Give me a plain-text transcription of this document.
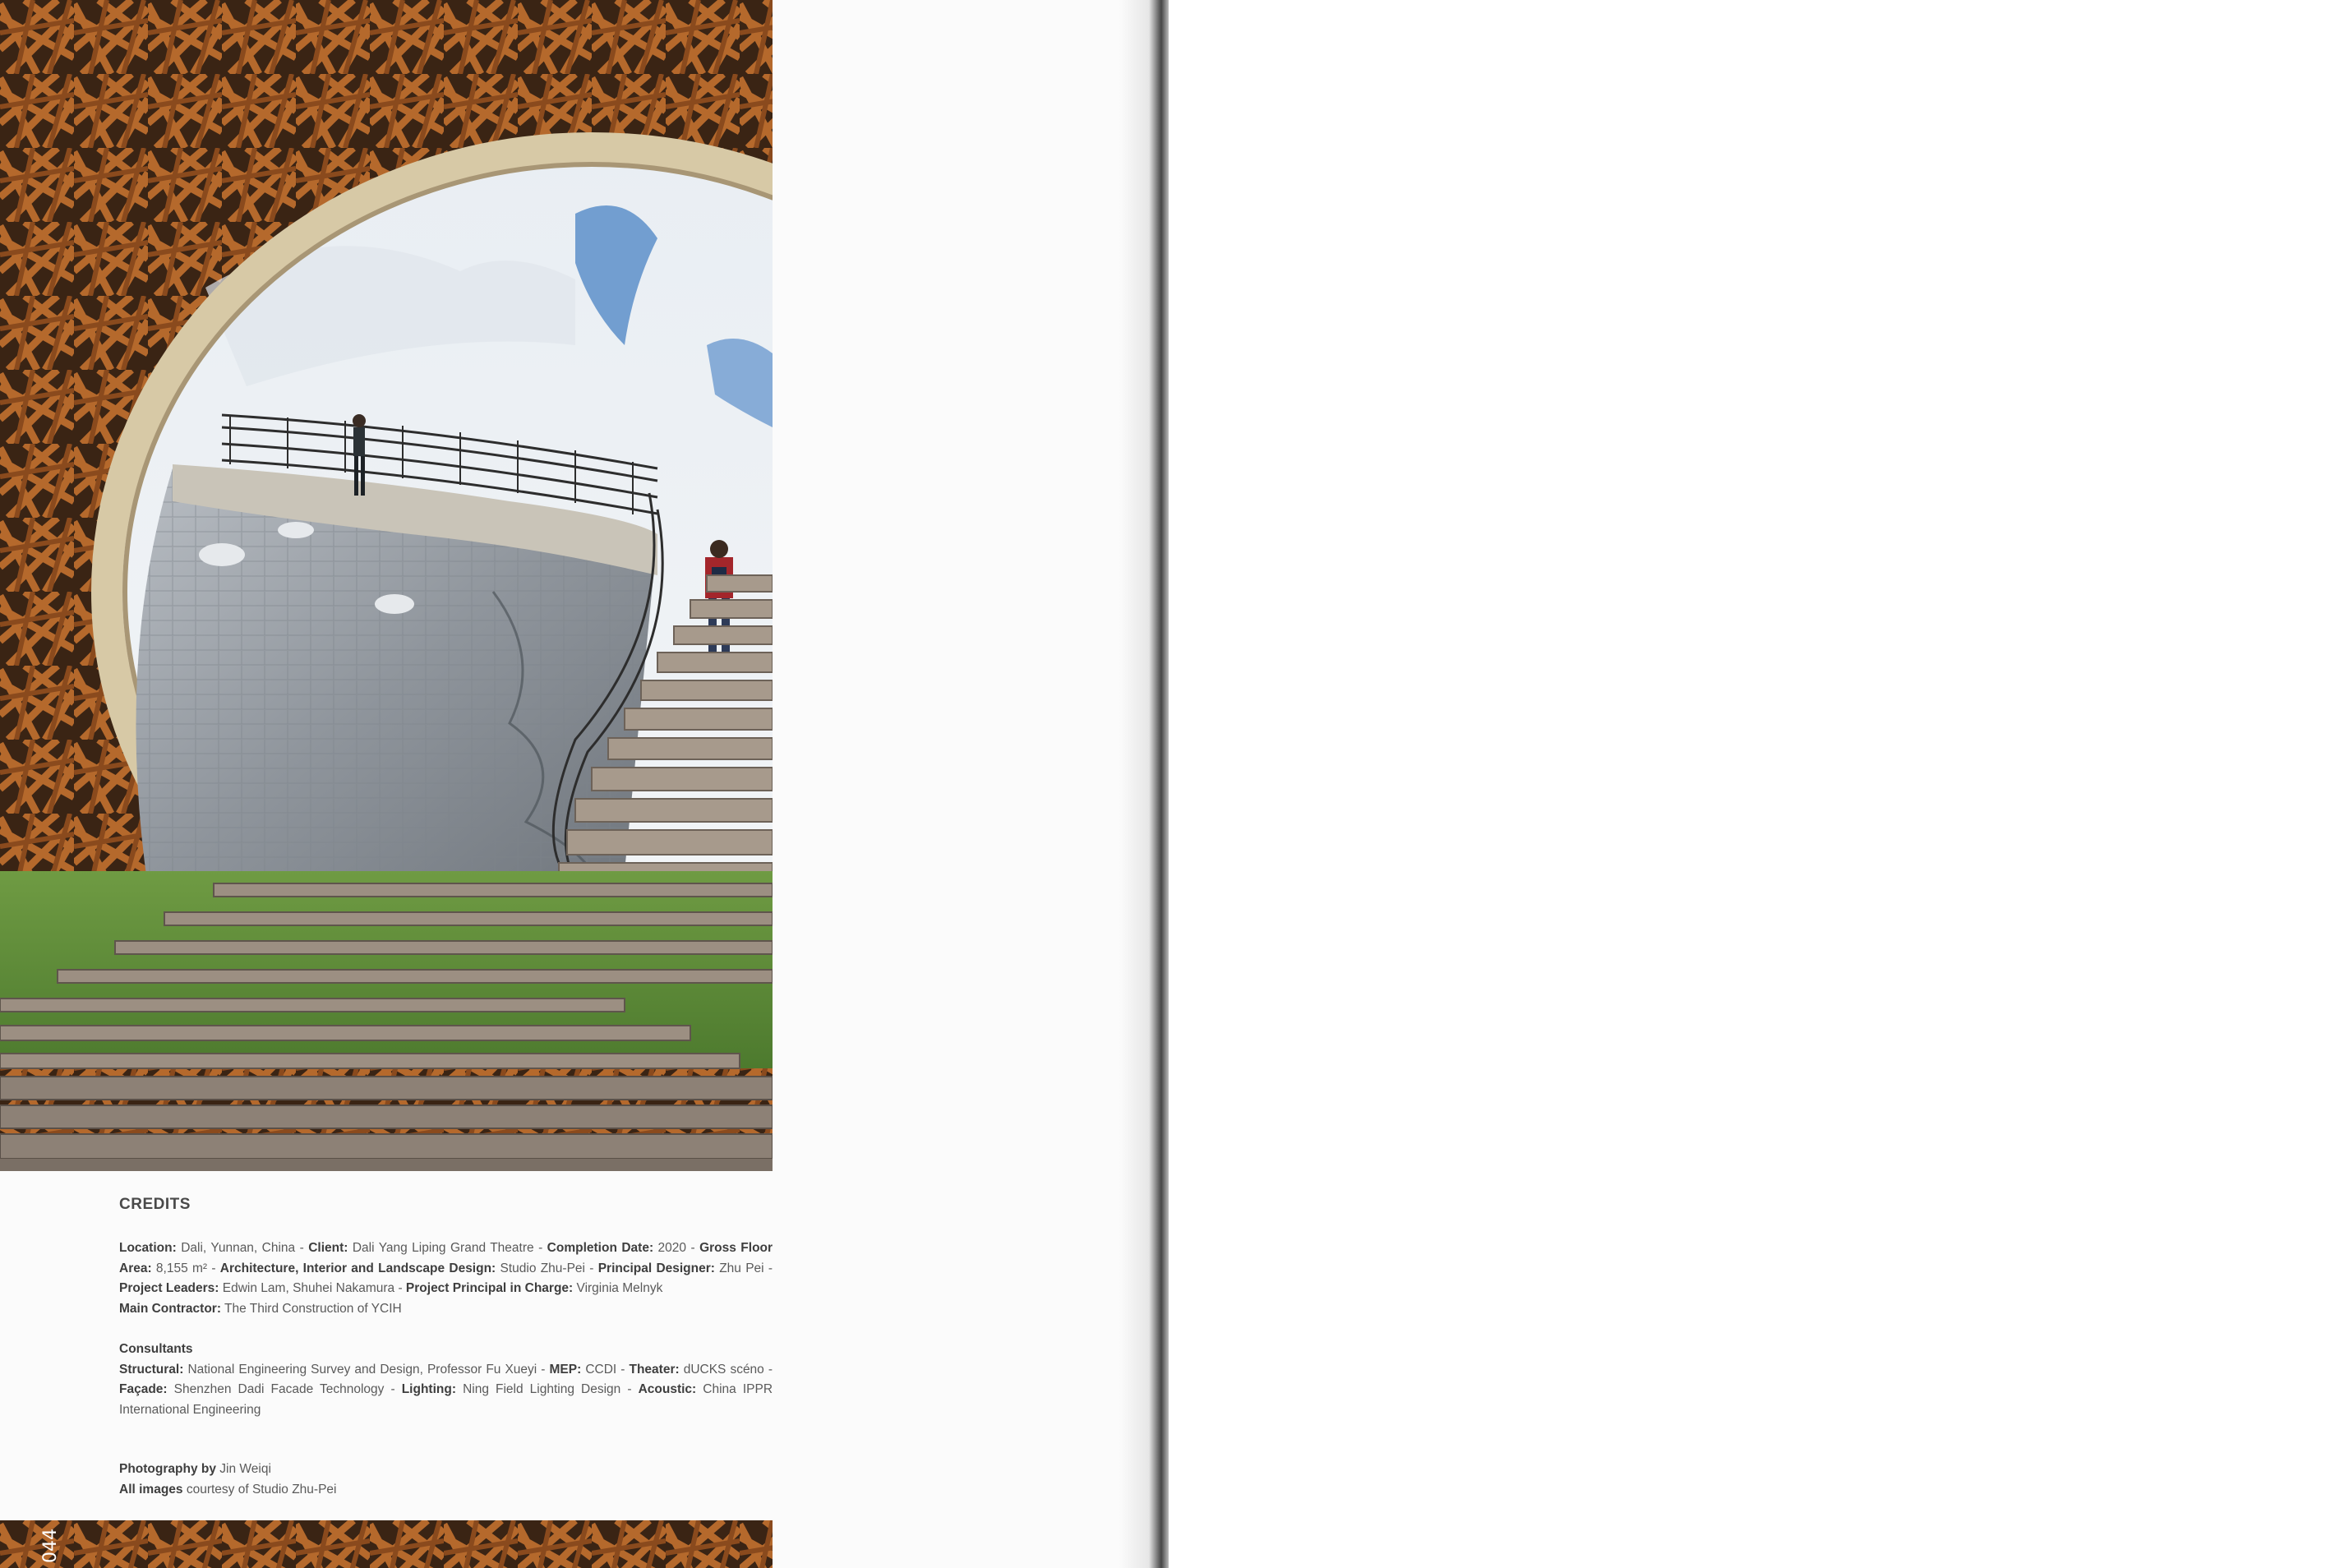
CREDITS

Location: Dali, Yunnan, China - Client: Dali Yang Liping Grand Theatre - Completion Date: 2020 - Gross Floor Area: 8,155 m² - Architecture, Interior and Landscape Design: Studio Zhu-Pei - Principal Designer: Zhu Pei - Project Leaders: Edwin Lam, Shuhei Nakamura - Project Principal in Charge: Virginia Melnyk
Main Contractor: The Third Construction of YCIH

Consultants

Structural: National Engineering Survey and Design, Professor Fu Xueyi - MEP: CCDI - Theater: dUCKS scéno - Façade: Shenzhen Dadi Facade Technology - Lighting: Ning Field Lighting Design - Acoustic: China IPPR International Engineering

Photography by Jin Weiqi
All images courtesy of Studio Zhu-Pei
044
